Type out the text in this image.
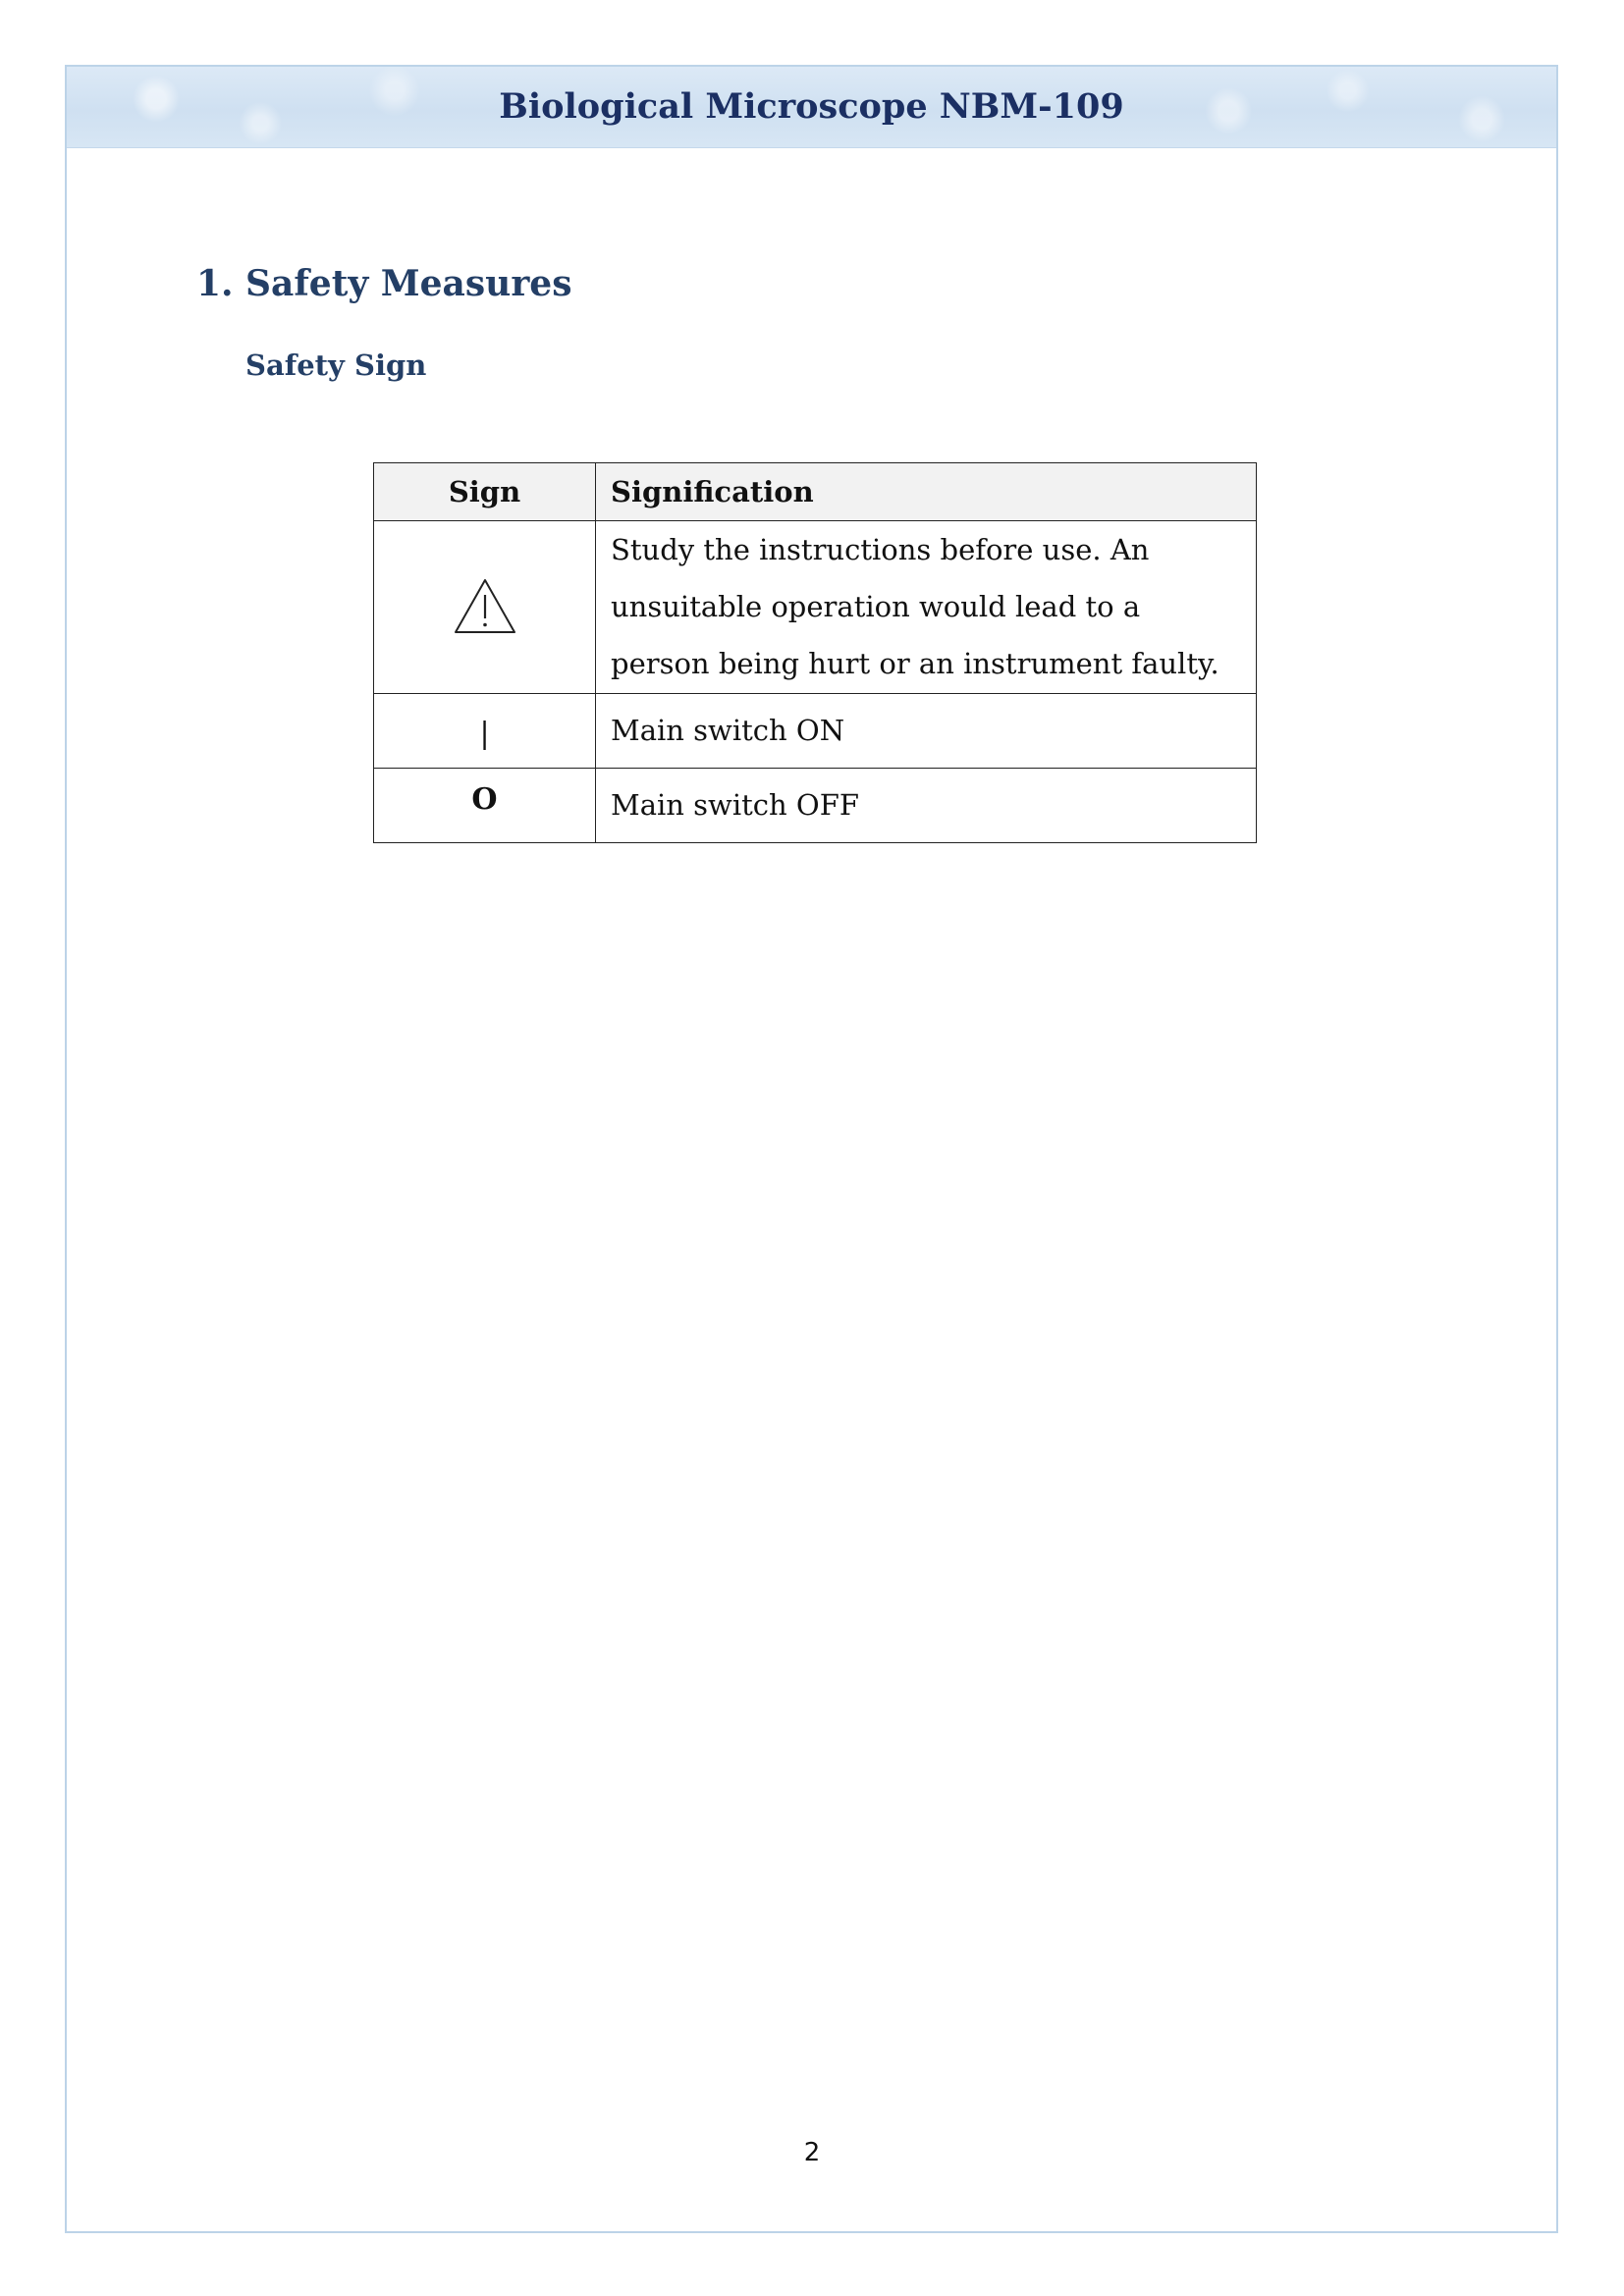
Biological Microscope NBM-109
1. Safety Measures
Safety Sign
Sign	Signification
	Study the instructions before use. An unsuitable operation would lead to a person being hurt or an instrument faulty.
|	Main switch ON
O	Main switch OFF
2
